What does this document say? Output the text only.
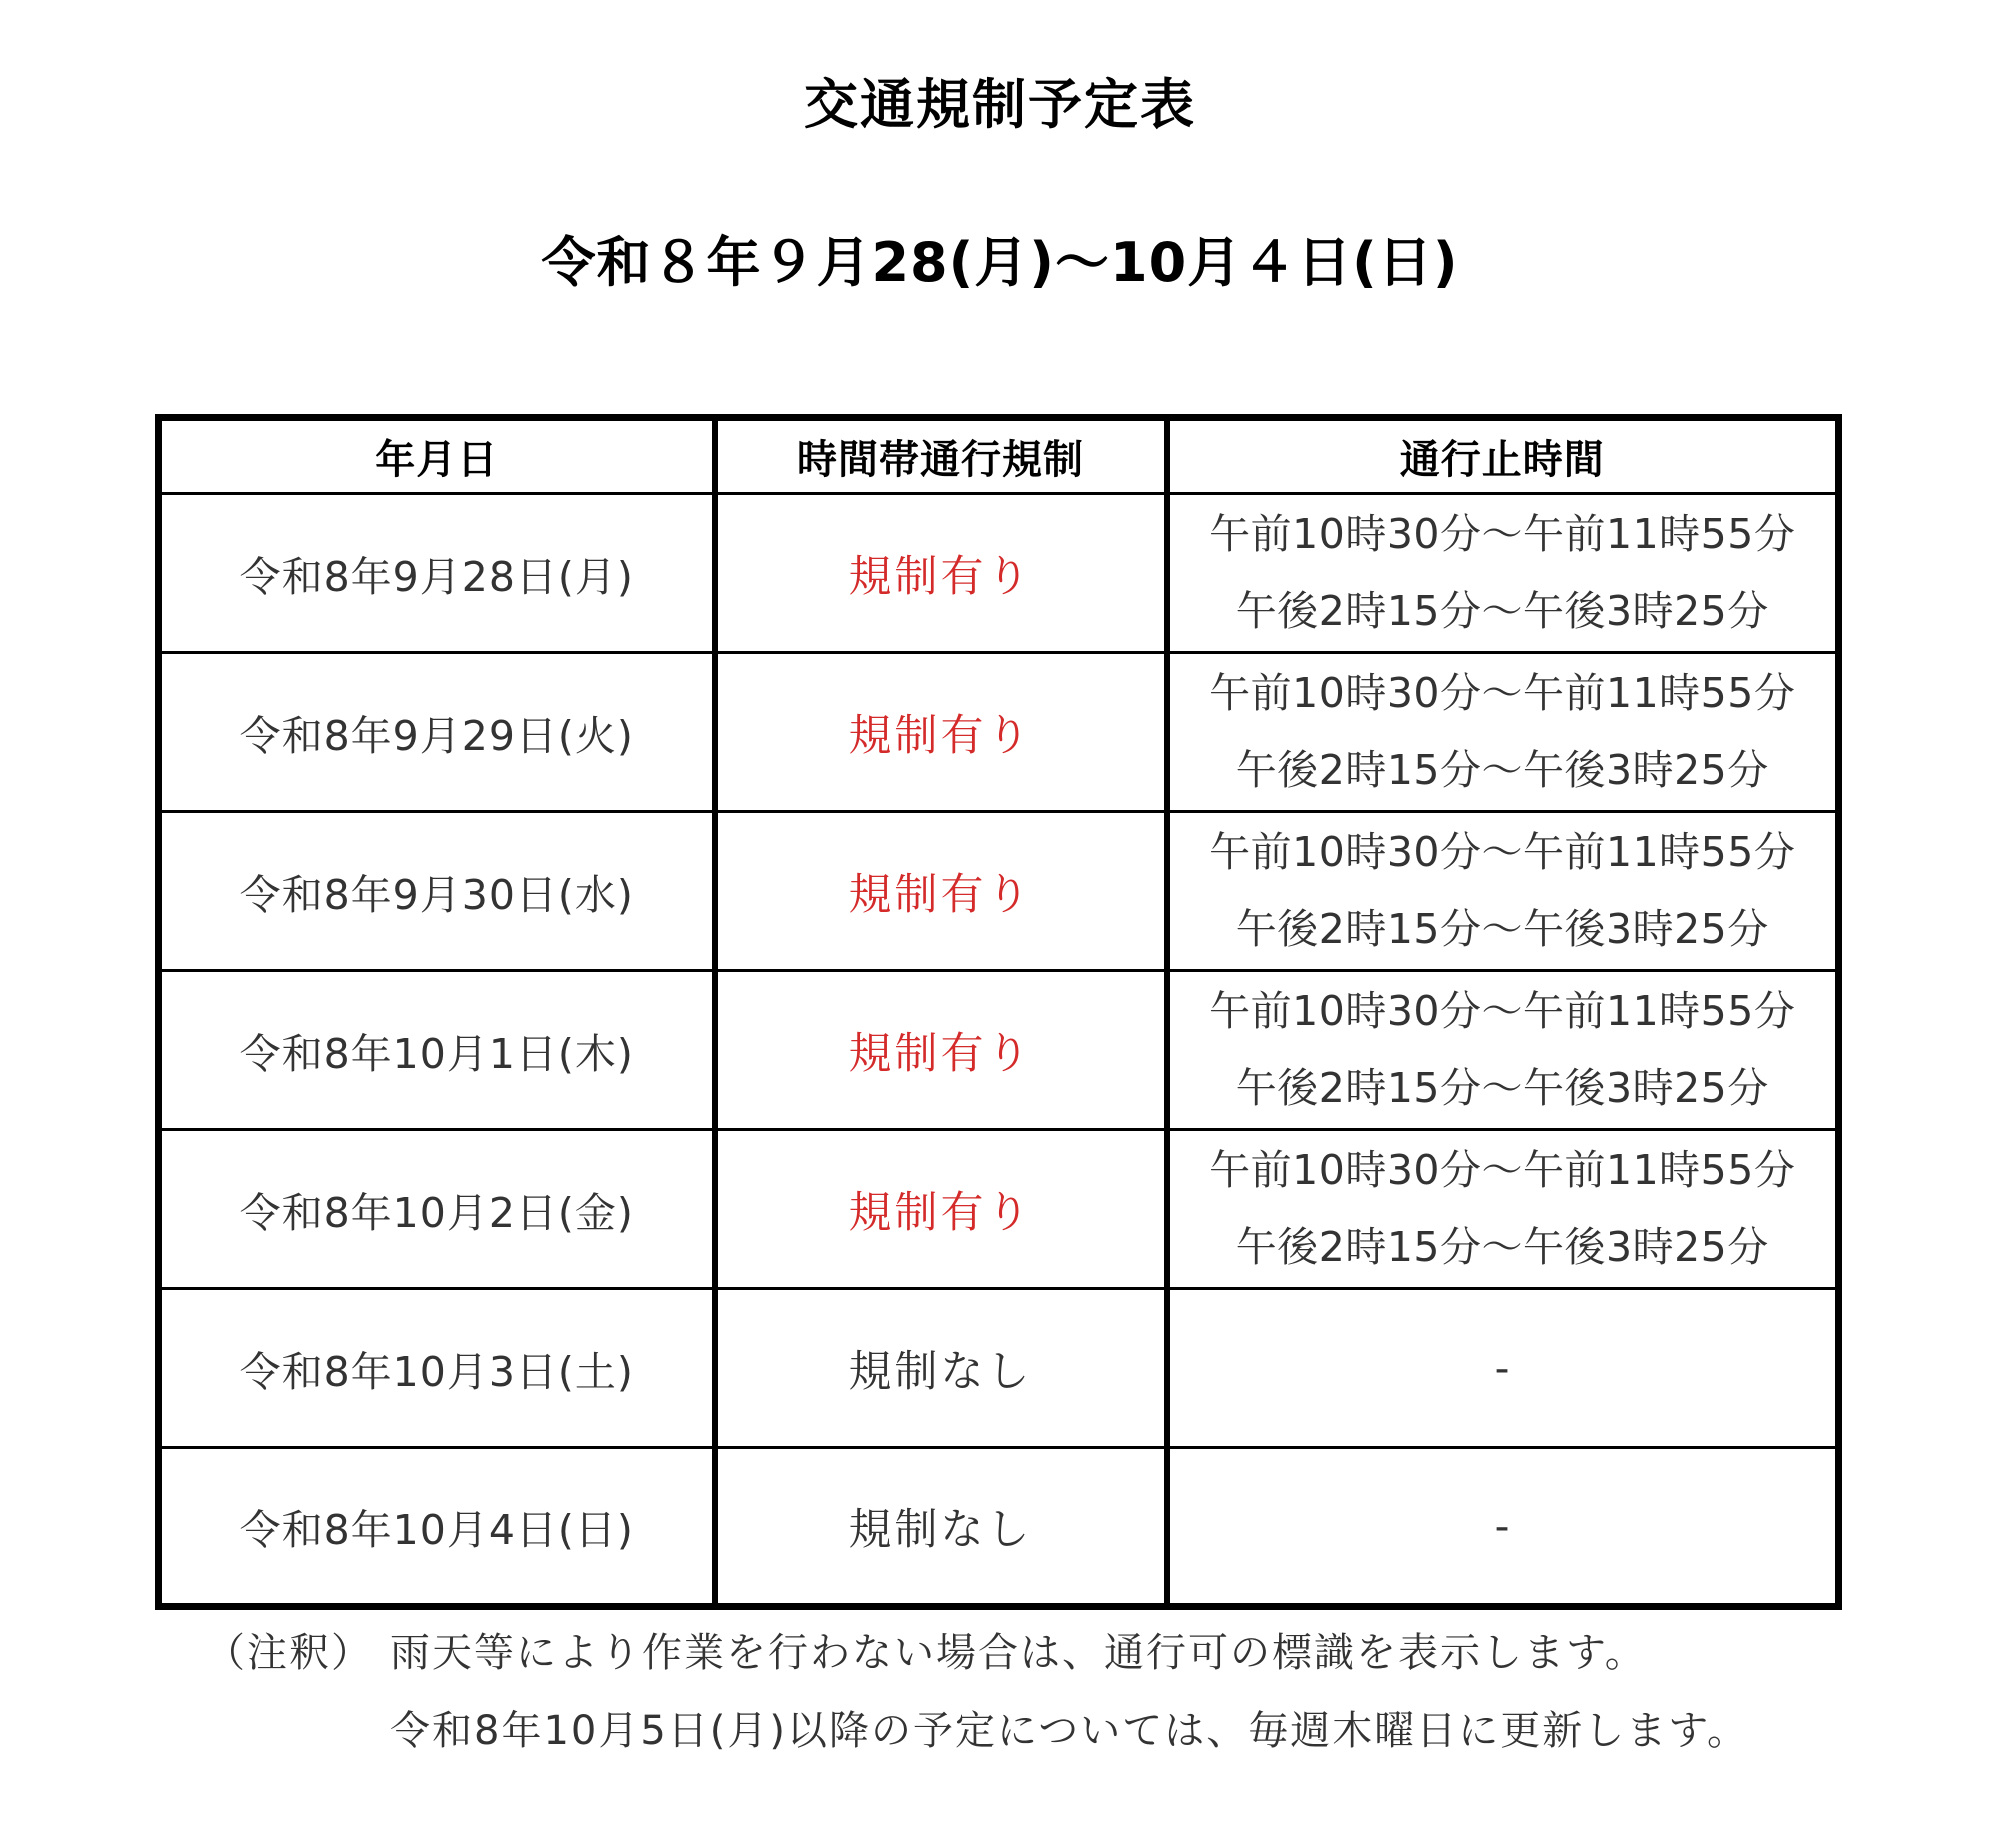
交通規制予定表
令和８年９月28(月)～10月４日(日)
年月日	時間帯通行規制	通行止時間
令和8年9月28日(月)	規制有り	午前10時30分～午前11時55分
午後2時15分～午後3時25分

令和8年9月29日(火)	規制有り	午前10時30分～午前11時55分
午後2時15分～午後3時25分

令和8年9月30日(水)	規制有り	午前10時30分～午前11時55分
午後2時15分～午後3時25分

令和8年10月1日(木)	規制有り	午前10時30分～午前11時55分
午後2時15分～午後3時25分

令和8年10月2日(金)	規制有り	午前10時30分～午前11時55分
午後2時15分～午後3時25分

令和8年10月3日(土)	規制なし	-

令和8年10月4日(日)	規制なし	-
（注釈） 雨天等により作業を行わない場合は、通行可の標識を表示します。
令和8年10月5日(月)以降の予定については、毎週木曜日に更新します。
